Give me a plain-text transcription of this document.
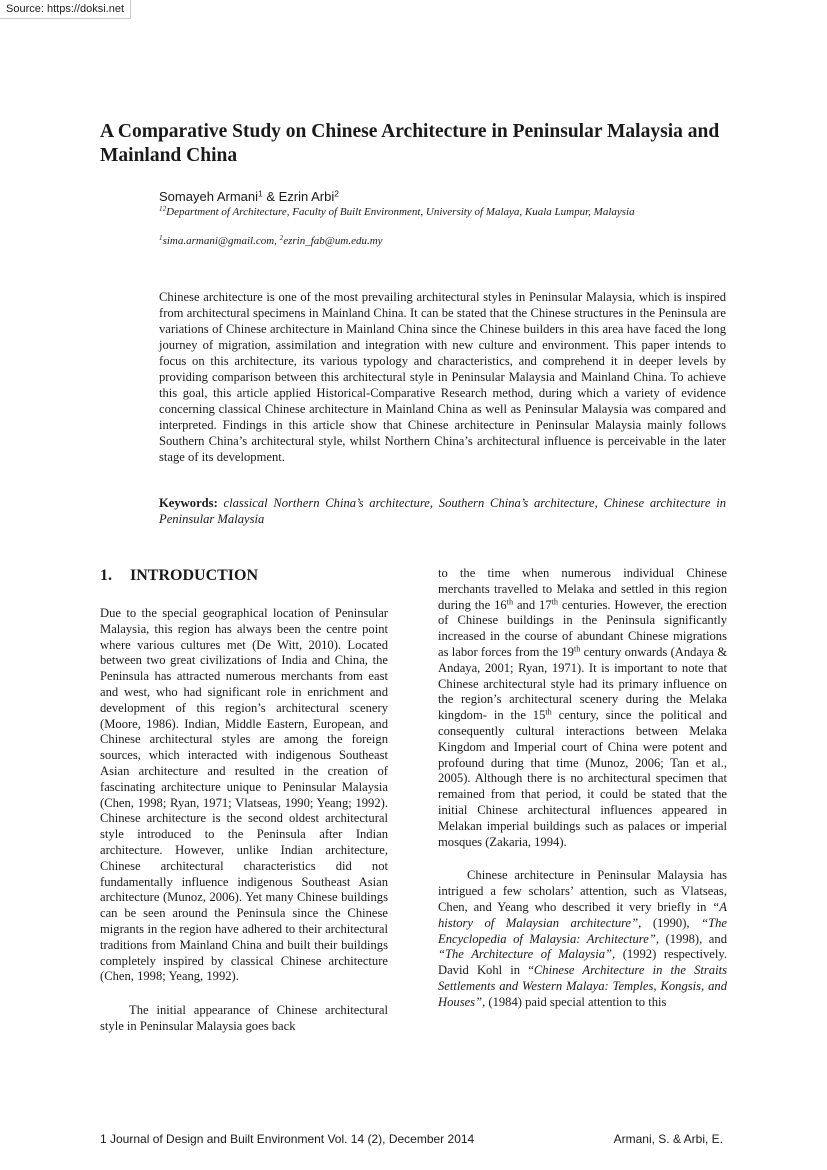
Source: https://doksi.net
A Comparative Study on Chinese Architecture in Peninsular Malaysia and Mainland China
Somayeh Armani$^1$ & Ezrin Arbi$^2$
$^{12}$Department of Architecture, Faculty of Built Environment, University of Malaya, Kuala Lumpur, Malaysia
$^1$sima.armani@gmail.com, $^2$ezrin_fab@um.edu.my

Chinese architecture is one of the most prevailing architectural styles in Peninsular Malaysia, which is inspired from architectural specimens in Mainland China. It can be stated that the Chinese structures in the Peninsula are variations of Chinese architecture in Mainland China since the Chinese builders in this area have faced the long journey of migration, assimilation and integration with new culture and environment. This paper intends to focus on this architecture, its various typology and characteristics, and comprehend it in deeper levels by providing comparison between this architectural style in Peninsular Malaysia and Mainland China. To achieve this goal, this article applied Historical-Comparative Research method, during which a variety of evidence concerning classical Chinese architecture in Mainland China as well as Peninsular Malaysia was compared and interpreted. Findings in this article show that Chinese architecture in Peninsular Malaysia mainly follows Southern China’s architectural style, whilst Northern China’s architectural influence is perceivable in the later stage of its development.

Keywords: classical Northern China’s architecture, Southern China’s architecture, Chinese architecture in Peninsular Malaysia

1. INTRODUCTION

Due to the special geographical location of Peninsular Malaysia, this region has always been the centre point where various cultures met (De Witt, 2010). Located between two great civilizations of India and China, the Peninsula has attracted numerous merchants from east and west, who had significant role in enrichment and development of this region’s architectural scenery (Moore, 1986). Indian, Middle Eastern, European, and Chinese architectural styles are among the foreign sources, which interacted with indigenous Southeast Asian architecture and resulted in the creation of fascinating architecture unique to Peninsular Malaysia (Chen, 1998; Ryan, 1971; Vlatseas, 1990; Yeang; 1992). Chinese architecture is the second oldest architectural style introduced to the Peninsula after Indian architecture. However, unlike Indian architecture, Chinese architectural characteristics did not fundamentally influence indigenous Southeast Asian architecture (Munoz, 2006). Yet many Chinese buildings can be seen around the Peninsula since the Chinese migrants in the region have adhered to their architectural traditions from Mainland China and built their buildings completely inspired by classical Chinese architecture (Chen, 1998; Yeang, 1992).

The initial appearance of Chinese architectural style in Peninsular Malaysia goes back

to the time when numerous individual Chinese merchants travelled to Melaka and settled in this region during the 16th and 17th centuries. However, the erection of Chinese buildings in the Peninsula significantly increased in the course of abundant Chinese migrations as labor forces from the 19th century onwards (Andaya & Andaya, 2001; Ryan, 1971). It is important to note that Chinese architectural style had its primary influence on the region’s architectural scenery during the Melaka kingdom- in the 15th century, since the political and consequently cultural interactions between Melaka Kingdom and Imperial court of China were potent and profound during that time (Munoz, 2006; Tan et al., 2005). Although there is no architectural specimen that remained from that period, it could be stated that the initial Chinese architectural influences appeared in Melakan imperial buildings such as palaces or imperial mosques (Zakaria, 1994).

Chinese architecture in Peninsular Malaysia has intrigued a few scholars’ attention, such as Vlatseas, Chen, and Yeang who described it very briefly in “A history of Malaysian architecture”, (1990), “The Encyclopedia of Malaysia: Architecture”, (1998), and “The Architecture of Malaysia”, (1992) respectively. David Kohl in “Chinese Architecture in the Straits Settlements and Western Malaya: Temples, Kongsis, and Houses”, (1984) paid special attention to this

1 Journal of Design and Built Environment Vol. 14 (2), December 2014	Armani, S. & Arbi, E.
